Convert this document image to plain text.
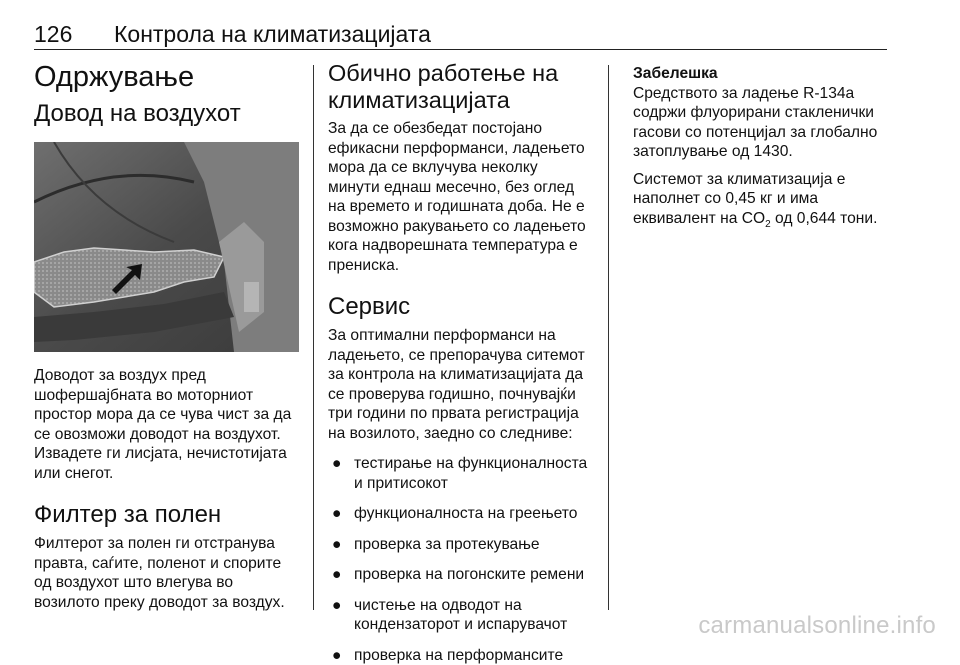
126 Контрола на климатизацијата
Одржување
Довод на воздухот

Доводот за воздух пред шофершајбната во моторниот простор мора да се чува чист за да се овозможи доводот на воздухот. Извадете ги лисјата, нечистотијата или снегот.

Филтер за полен

Филтерот за полен ги отстранува правта, саѓите, поленот и спорите од воздухот што влегува во возилото преку доводот за воздух.

Обично работење на климатизацијата

За да се обезбедат постојано ефикасни перформанси, ладењето мора да се вклучува неколку минути еднаш месечно, без оглед на времето и годишната доба. Не е возможно ракувањето со ладењето кога надворешната температура е прениска.

Сервис

За оптимални перформанси на ладењето, се препорачува ситемот за контрола на климатизацијата да се проверува годишно, почнувајќи три години по првата регистрација на возилото, заедно со следниве:

● тестирање на функционалноста и притисокот
● функционалноста на греењето
● проверка за протекување
● проверка на погонските ремени
● чистење на одводот на кондензаторот и испарувачот
● проверка на перформансите

Забелешка

Средството за ладење R-134a содржи флуорирани стакленички гасови со потенцијал за глобално затоплување од 1430.

Системот за климатизација е наполнет со 0,45 кг и има еквивалент на $CO_2$ од 0,644 тони.

carmanualsonline.info
